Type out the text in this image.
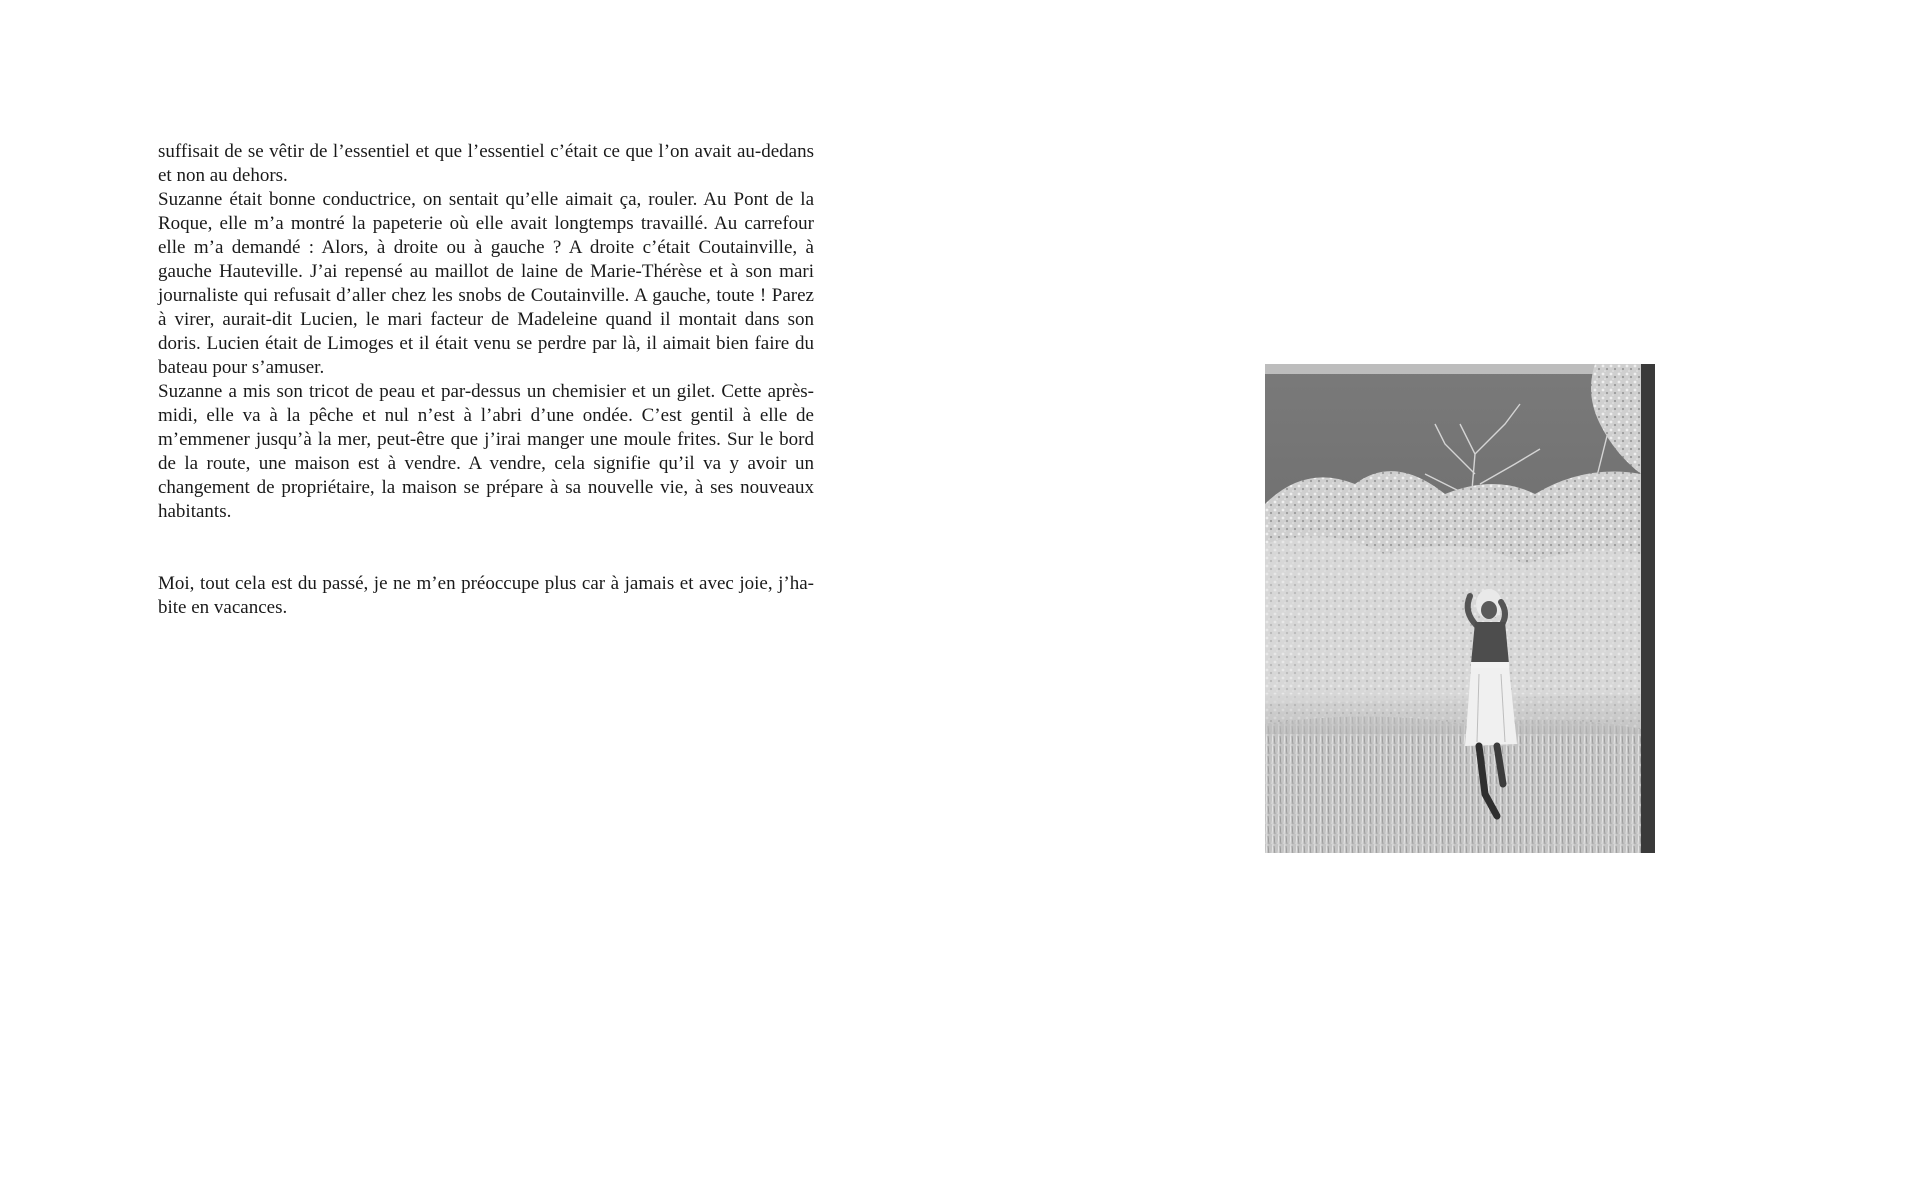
suffisait de se vêtir de l’essentiel et que l’essentiel c’était ce que l’on avait au-dedans et non au dehors.

Suzanne était bonne conductrice, on sentait qu’elle aimait ça, rouler. Au Pont de la Roque, elle m’a montré la papeterie où elle avait longtemps travaillé. Au carrefour elle m’a demandé : Alors, à droite ou à gauche ? A droite c’était Coutainville, à gauche Hauteville. J’ai repensé au maillot de laine de Marie-Thérèse et à son mari journaliste qui refusait d’aller chez les snobs de Coutainville. A gauche, toute ! Parez à virer, aurait-dit Lucien, le mari facteur de Madeleine quand il montait dans son doris. Lucien était de Limoges et il était venu se perdre par là, il aimait bien faire du bateau pour s’amuser.

Suzanne a mis son tricot de peau et par-dessus un chemisier et un gilet. Cette après-midi, elle va à la pêche et nul n’est à l’abri d’une ondée. C’est gentil à elle de m’emmener jusqu’à la mer, peut-être que j’irai manger une moule frites. Sur le bord de la route, une maison est à vendre. A vendre, cela signifie qu’il va y avoir un changement de propriétaire, la maison se prépare à sa nouvelle vie, à ses nouveaux habitants.

Moi, tout cela est du passé, je ne m’en préoccupe plus car à jamais et avec joie, j’ha-bite en vacances.
